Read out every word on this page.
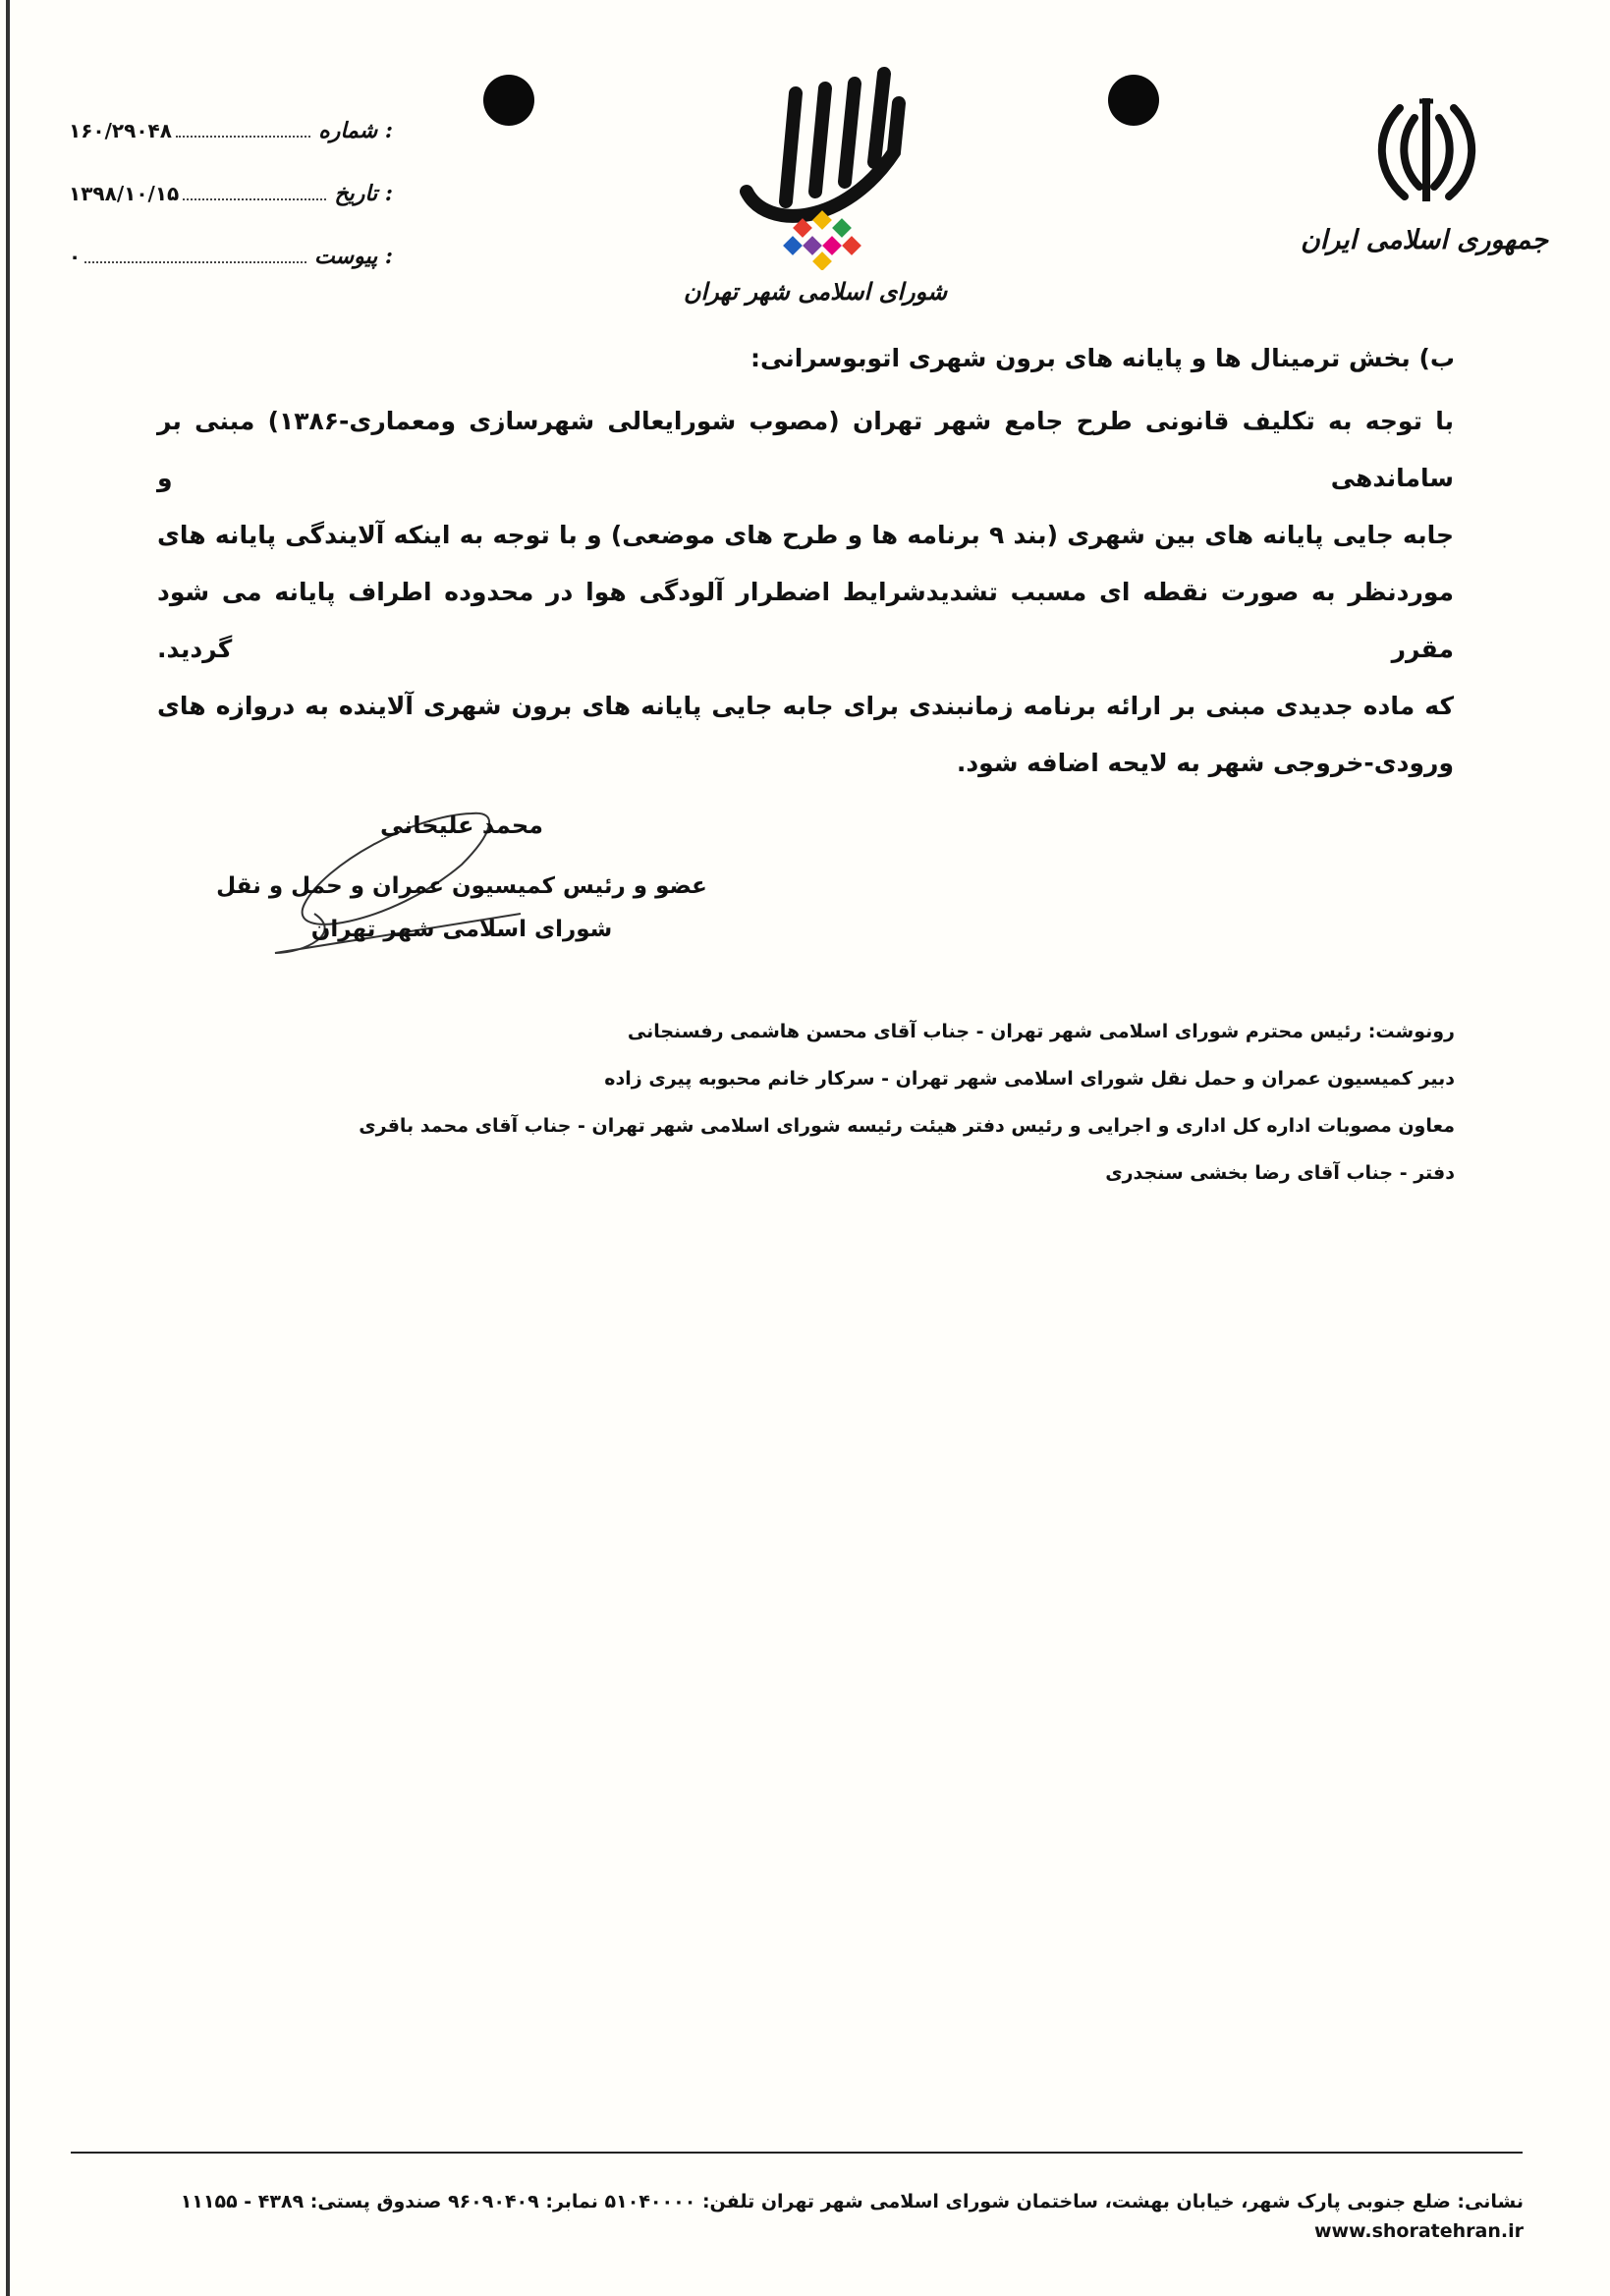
شماره :
۱۶۰/۲۹۰۴۸
تاریخ :
۱۳۹۸/۱۰/۱۵
پیوست :
۰
شورای اسلامی شهر تهران
جمهوری اسلامی ایران
ب) بخش ترمینال ها و پایانه های برون شهری اتوبوسرانی:

با توجه به تکلیف قانونی طرح جامع شهر تهران (مصوب شورایعالی شهرسازی ومعماری-۱۳۸۶) مبنی بر ساماندهی و

جابه جایی پایانه های بین شهری (بند ۹ برنامه ها و طرح های موضعی) و با توجه به اینکه آلایندگی پایانه های

موردنظر به صورت نقطه ای مسبب تشدیدشرایط اضطرار آلودگی هوا در محدوده اطراف پایانه می شود مقرر گردید.

که ماده جدیدی مبنی بر ارائه برنامه زمانبندی برای جابه جایی پایانه های برون شهری آلاینده به دروازه های

ورودی-خروجی شهر به لایحه اضافه شود.

محمد علیخانی
عضو و رئیس کمیسیون عمران و حمل و نقل
شورای اسلامی شهر تهران
رونوشت: رئیس محترم شورای اسلامی شهر تهران - جناب آقای محسن هاشمی رفسنجانی
دبیر کمیسیون عمران و حمل نقل شورای اسلامی شهر تهران - سرکار خانم محبوبه پیری زاده
معاون مصوبات اداره کل اداری و اجرایی و رئیس دفتر هیئت رئیسه شورای اسلامی شهر تهران - جناب آقای محمد باقری
دفتر - جناب آقای رضا بخشی سنجدری
نشانی: ضلع جنوبی پارک شهر، خیابان بهشت، ساختمان شورای اسلامی شهر تهران تلفن: ۵۱۰۴۰۰۰۰ نمابر: ۹۶۰۹۰۴۰۹ صندوق پستی: ۴۳۸۹ - ۱۱۱۵۵    www.shoratehran.ir
